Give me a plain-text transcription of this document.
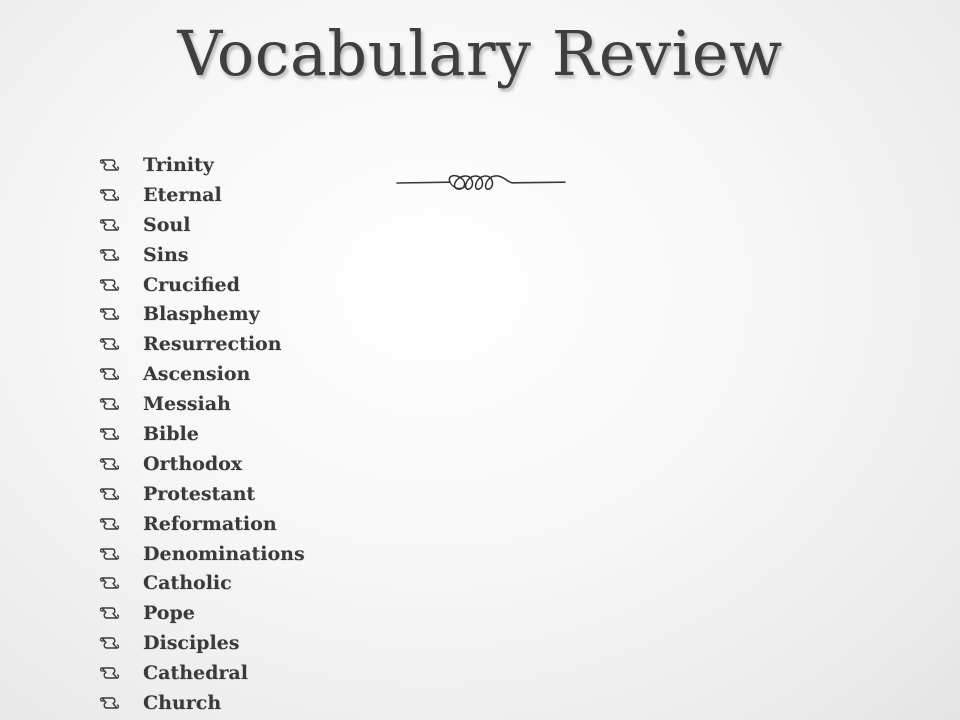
Vocabulary Review
Trinity
Eternal
Soul
Sins
Crucified
Blasphemy
Resurrection
Ascension
Messiah
Bible
Orthodox
Protestant
Reformation
Denominations
Catholic
Pope
Disciples
Cathedral
Church
